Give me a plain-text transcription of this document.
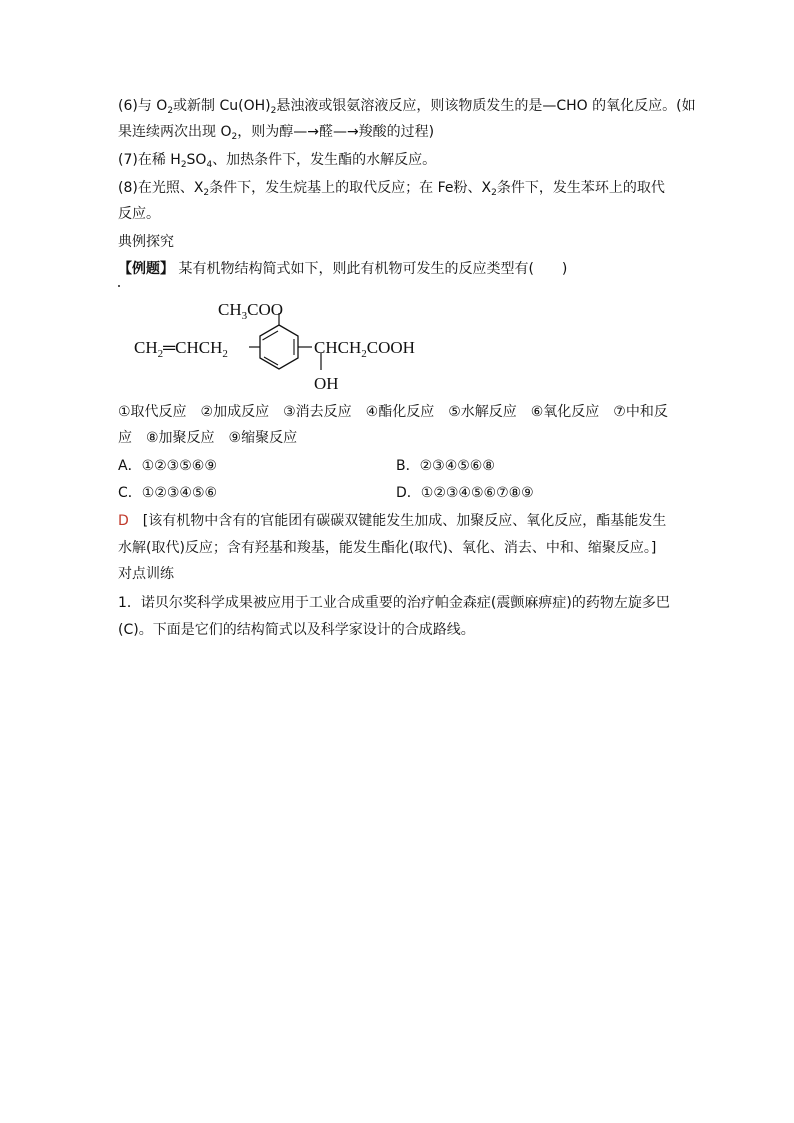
(6)与 $O_2$或新制 $Cu(OH)_2$悬浊液或银氨溶液反应，则该物质发生的是—CHO 的氧化反应。(如
果连续两次出现 $O_2$，则为醇—→醛—→羧酸的过程)
(7)在稀 $H_2SO_4$、加热条件下，发生酯的水解反应。
(8)在光照、$X_2$条件下，发生烷基上的取代反应；在 Fe粉、$X_2$条件下，发生苯环上的取代
反应。
典例探究
【例题】 某有机物结构简式如下，则此有机物可发生的反应类型有(　　)
$CH_3COO$
$CH_2═CHCH_2$	$CHCH_2COOH$
OH
①取代反应　②加成反应　③消去反应　④酯化反应　⑤水解反应　⑥氧化反应　⑦中和反
应　⑧加聚反应　⑨缩聚反应
A．①②③⑤⑥⑨	B．②③④⑤⑥⑧
C．①②③④⑤⑥	D．①②③④⑤⑥⑦⑧⑨
D　[该有机物中含有的官能团有碳碳双键能发生加成、加聚反应、氧化反应，酯基能发生
水解(取代)反应；含有羟基和羧基，能发生酯化(取代)、氧化、消去、中和、缩聚反应。]
对点训练
1．诺贝尔奖科学成果被应用于工业合成重要的治疗帕金森症(震颤麻痹症)的药物左旋多巴
(C)。下面是它们的结构简式以及科学家设计的合成路线。
